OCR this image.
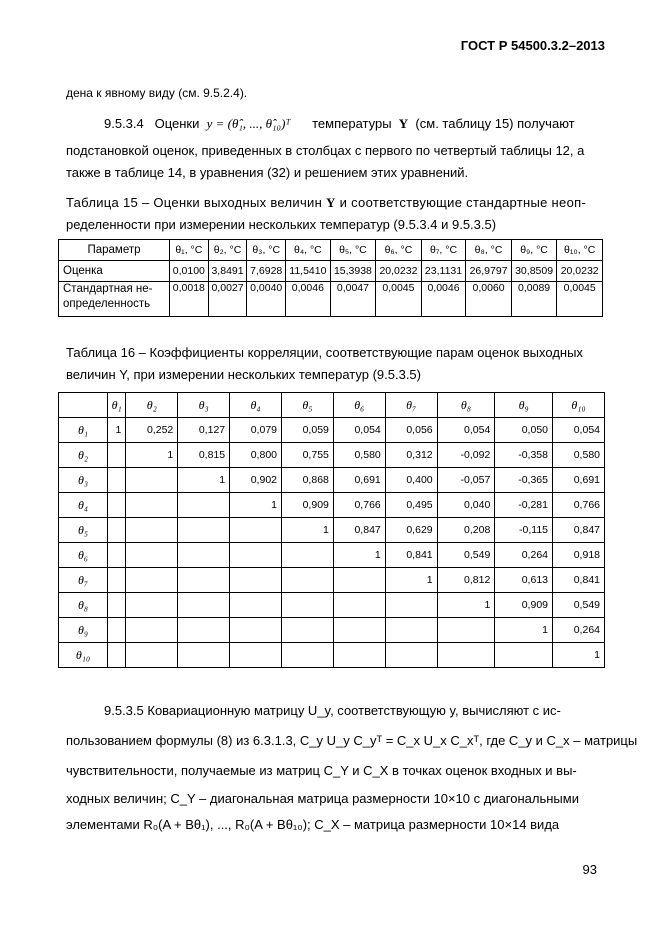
ГОСТ Р 54500.3.2–2013
дена к явному виду (см. 9.5.2.4).
9.5.3.4 Оценки y = (θ̂₁, ..., θ̂₁₀)ᵀ температуры Y (см. таблицу 15) получают
подстановкой оценок, приведенных в столбцах с первого по четвертый таблицы 12, а
также в таблице 14, в уравнения (32) и решением этих уравнений.
Таблица 15 – Оценки выходных величин Y и соответствующие стандартные неоп-
ределенности при измерении нескольких температур (9.5.3.4 и 9.5.3.5)
Параметр	θ₁, °C	θ₂, °C	θ₃, °C	θ₄, °C	θ₅, °C	θ₆, °C	θ₇, °C	θ₈, °C	θ₉, °C	θ₁₀, °C
Оценка	0,0100	3,8491	7,6928	11,5410	15,3938	20,0232	23,1131	26,9797	30,8509	20,0232
Стандартная не-определенность	0,0018	0,0027	0,0040	0,0046	0,0047	0,0045	0,0046	0,0060	0,0089	0,0045
Таблица 16 – Коэффициенты корреляции, соответствующие парам оценок выходных
величин Y, при измерении нескольких температур (9.5.3.5)
	θ₁	θ₂	θ₃	θ₄	θ₅	θ₆	θ₇	θ₈	θ₉	θ₁₀
θ₁	1	0,252	0,127	0,079	0,059	0,054	0,056	0,054	0,050	0,054
θ₂		1	0,815	0,800	0,755	0,580	0,312	-0,092	-0,358	0,580
θ₃			1	0,902	0,868	0,691	0,400	-0,057	-0,365	0,691
θ₄				1	0,909	0,766	0,495	0,040	-0,281	0,766
θ₅					1	0,847	0,629	0,208	-0,115	0,847
θ₆						1	0,841	0,549	0,264	0,918
θ₇							1	0,812	0,613	0,841
θ₈								1	0,909	0,549
θ₉									1	0,264
θ₁₀										1
9.5.3.5 Ковариационную матрицу U_y, соответствующую y, вычисляют с ис-
пользованием формулы (8) из 6.3.1.3, C_y U_y C_yᵀ = C_x U_x C_xᵀ, где C_y и C_x – матрицы
чувствительности, получаемые из матриц C_Y и C_X в точках оценок входных и вы-
ходных величин; C_Y – диагональная матрица размерности 10×10 с диагональными
элементами R₀(A + Bθ₁), ..., R₀(A + Bθ₁₀); C_X – матрица размерности 10×14 вида
93
